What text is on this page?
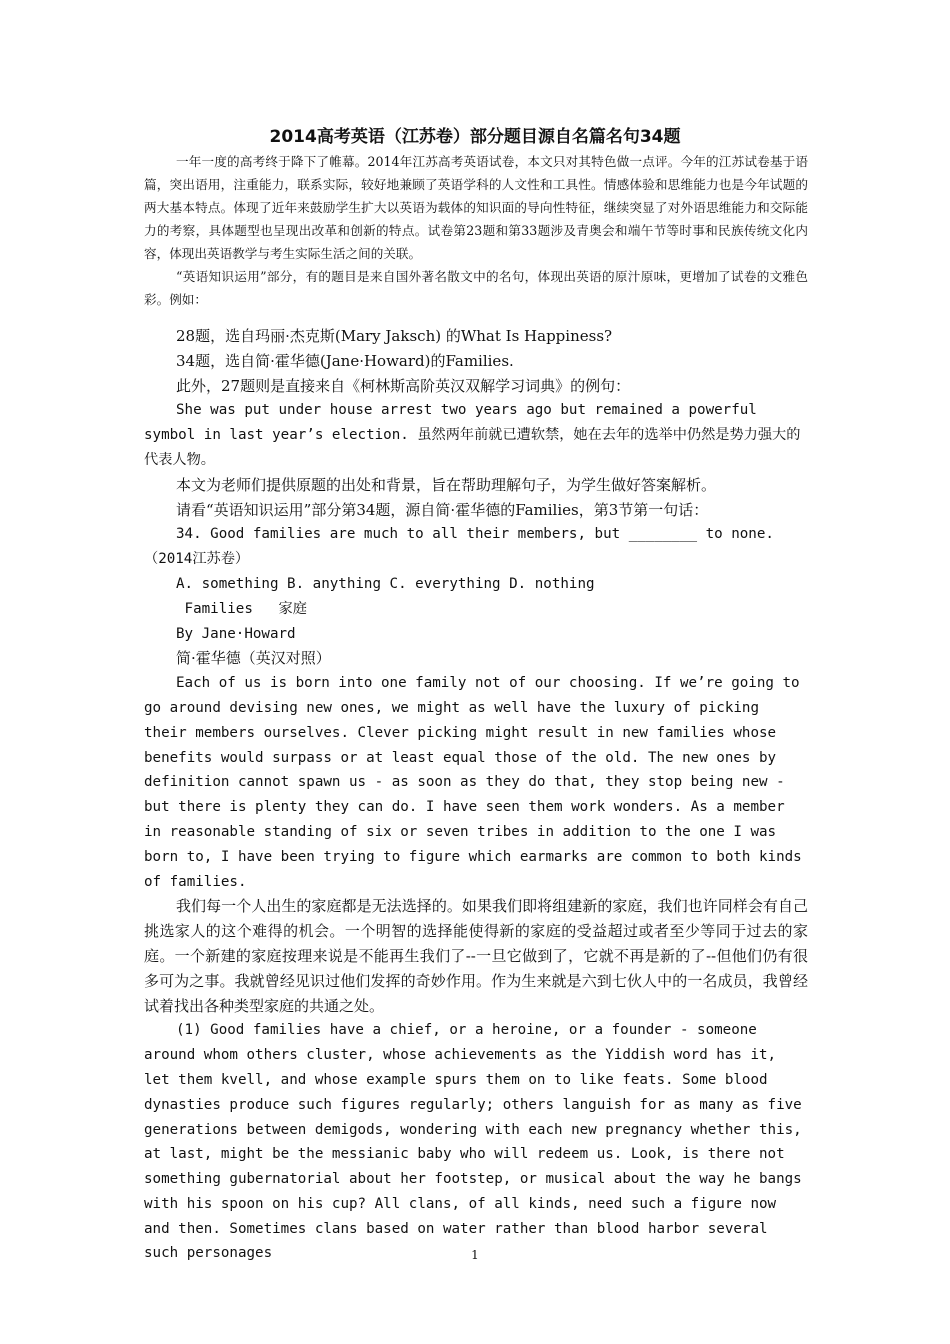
2014高考英语（江苏卷）部分题目源自名篇名句34题

一年一度的高考终于降下了帷幕。2014年江苏高考英语试卷，本文只对其特色做一点评。今年的江苏试卷基于语篇，突出语用，注重能力，联系实际，较好地兼顾了英语学科的人文性和工具性。情感体验和思维能力也是今年试题的两大基本特点。体现了近年来鼓励学生扩大以英语为载体的知识面的导向性特征，继续突显了对外语思维能力和交际能力的考察，具体题型也呈现出改革和创新的特点。试卷第23题和第33题涉及青奥会和端午节等时事和民族传统文化内容，体现出英语教学与考生实际生活之间的关联。

“英语知识运用”部分，有的题目是来自国外著名散文中的名句，体现出英语的原汁原味，更增加了试卷的文雅色彩。例如：

28题，选自玛丽·杰克斯(Mary Jaksch) 的What Is Happiness?

34题，选自简·霍华德(Jane·Howard)的Families.

此外，27题则是直接来自《柯林斯高阶英汉双解学习词典》的例句：

She was put under house arrest two years ago but remained a powerful symbol in last year’s election. 虽然两年前就已遭软禁，她在去年的选举中仍然是势力强大的代表人物。

本文为老师们提供原题的出处和背景，旨在帮助理解句子，为学生做好答案解析。

请看“英语知识运用”部分第34题，源自简·霍华德的Families，第3节第一句话：

34. Good families are much to all their members, but ________ to none.（2014江苏卷）

A. something B. anything C. everything D. nothing

Families   家庭

By Jane·Howard

简·霍华德（英汉对照）

Each of us is born into one family not of our choosing. If we’re going to go around devising new ones, we might as well have the luxury of picking their members ourselves. Clever picking might result in new families whose benefits would surpass or at least equal those of the old. The new ones by definition cannot spawn us - as soon as they do that, they stop being new - but there is plenty they can do. I have seen them work wonders. As a member in reasonable standing of six or seven tribes in addition to the one I was born to, I have been trying to figure which earmarks are common to both kinds of families.

我们每一个人出生的家庭都是无法选择的。如果我们即将组建新的家庭，我们也许同样会有自己挑选家人的这个难得的机会。一个明智的选择能使得新的家庭的受益超过或者至少等同于过去的家庭。一个新建的家庭按理来说是不能再生我们了--一旦它做到了，它就不再是新的了--但他们仍有很多可为之事。我就曾经见识过他们发挥的奇妙作用。作为生来就是六到七伙人中的一名成员，我曾经试着找出各种类型家庭的共通之处。

(1) Good families have a chief, or a heroine, or a founder - someone around whom others cluster, whose achievements as the Yiddish word has it, let them kvell, and whose example spurs them on to like feats. Some blood dynasties produce such figures regularly; others languish for as many as five generations between demigods, wondering with each new pregnancy whether this, at last, might be the messianic baby who will redeem us. Look, is there not something gubernatorial about her footstep, or musical about the way he bangs with his spoon on his cup? All clans, of all kinds, need such a figure now and then. Sometimes clans based on water rather than blood harbor several such personages	1
